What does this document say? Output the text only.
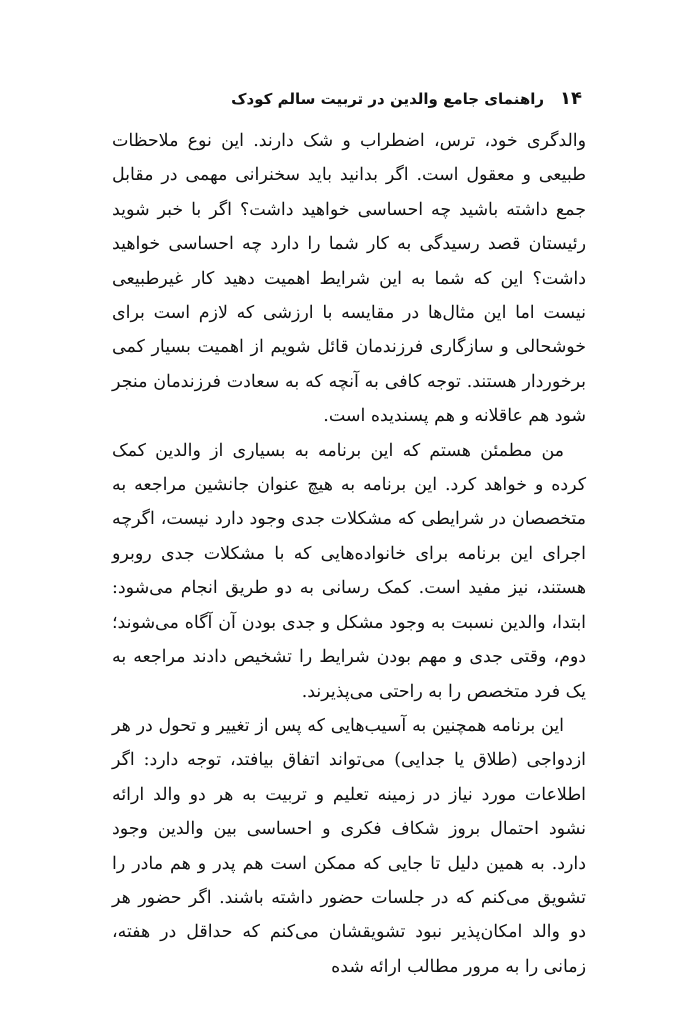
۱۴
راهنمای جامع والدین در تربیت سالم کودک

والدگری خود، ترس، اضطراب و شک دارند. این نوع ملاحظات طبیعی و معقول است. اگر بدانید باید سخنرانی مهمی در مقابل جمع داشته باشید چه احساسی خواهید داشت؟ اگر با خبر شوید رئیستان قصد رسیدگی به کار شما را دارد چه احساسی خواهید داشت؟ این که شما به این شرایط اهمیت دهید کار غیرطبیعی نیست اما این مثال‌ها در مقایسه با ارزشی که لازم است برای خوشحالی و سازگاری فرزندمان قائل شویم از اهمیت بسیار کمی برخوردار هستند. توجه کافی به آنچه که به سعادت فرزندمان منجر شود هم عاقلانه و هم پسندیده است.

من مطمئن هستم که این برنامه به بسیاری از والدین کمک کرده و خواهد کرد. این برنامه به هیچ عنوان جانشین مراجعه به متخصصان در شرایطی که مشکلات جدی وجود دارد نیست، اگرچه اجرای این برنامه برای خانواده‌هایی که با مشکلات جدی روبرو هستند، نیز مفید است. کمک رسانی به دو طریق انجام می‌شود: ابتدا، والدین نسبت به وجود مشکل و جدی بودن آن آگاه می‌شوند؛ دوم، وقتی جدی و مهم بودن شرایط را تشخیص دادند مراجعه به یک فرد متخصص را به راحتی می‌پذیرند.

این برنامه همچنین به آسیب‌هایی که پس از تغییر و تحول در هر ازدواجی (طلاق یا جدایی) می‌تواند اتفاق بیافتد، توجه دارد: اگر اطلاعات مورد نیاز در زمینه تعلیم و تربیت به هر دو والد ارائه نشود احتمال بروز شکاف فکری و احساسی بین والدین وجود دارد. به همین دلیل تا جایی که ممکن است هم پدر و هم مادر را تشویق می‌کنم که در جلسات حضور داشته باشند. اگر حضور هر دو والد امکان‌پذیر نبود تشویقشان می‌کنم که حداقل در هفته، زمانی را به مرور مطالب ارائه شده
